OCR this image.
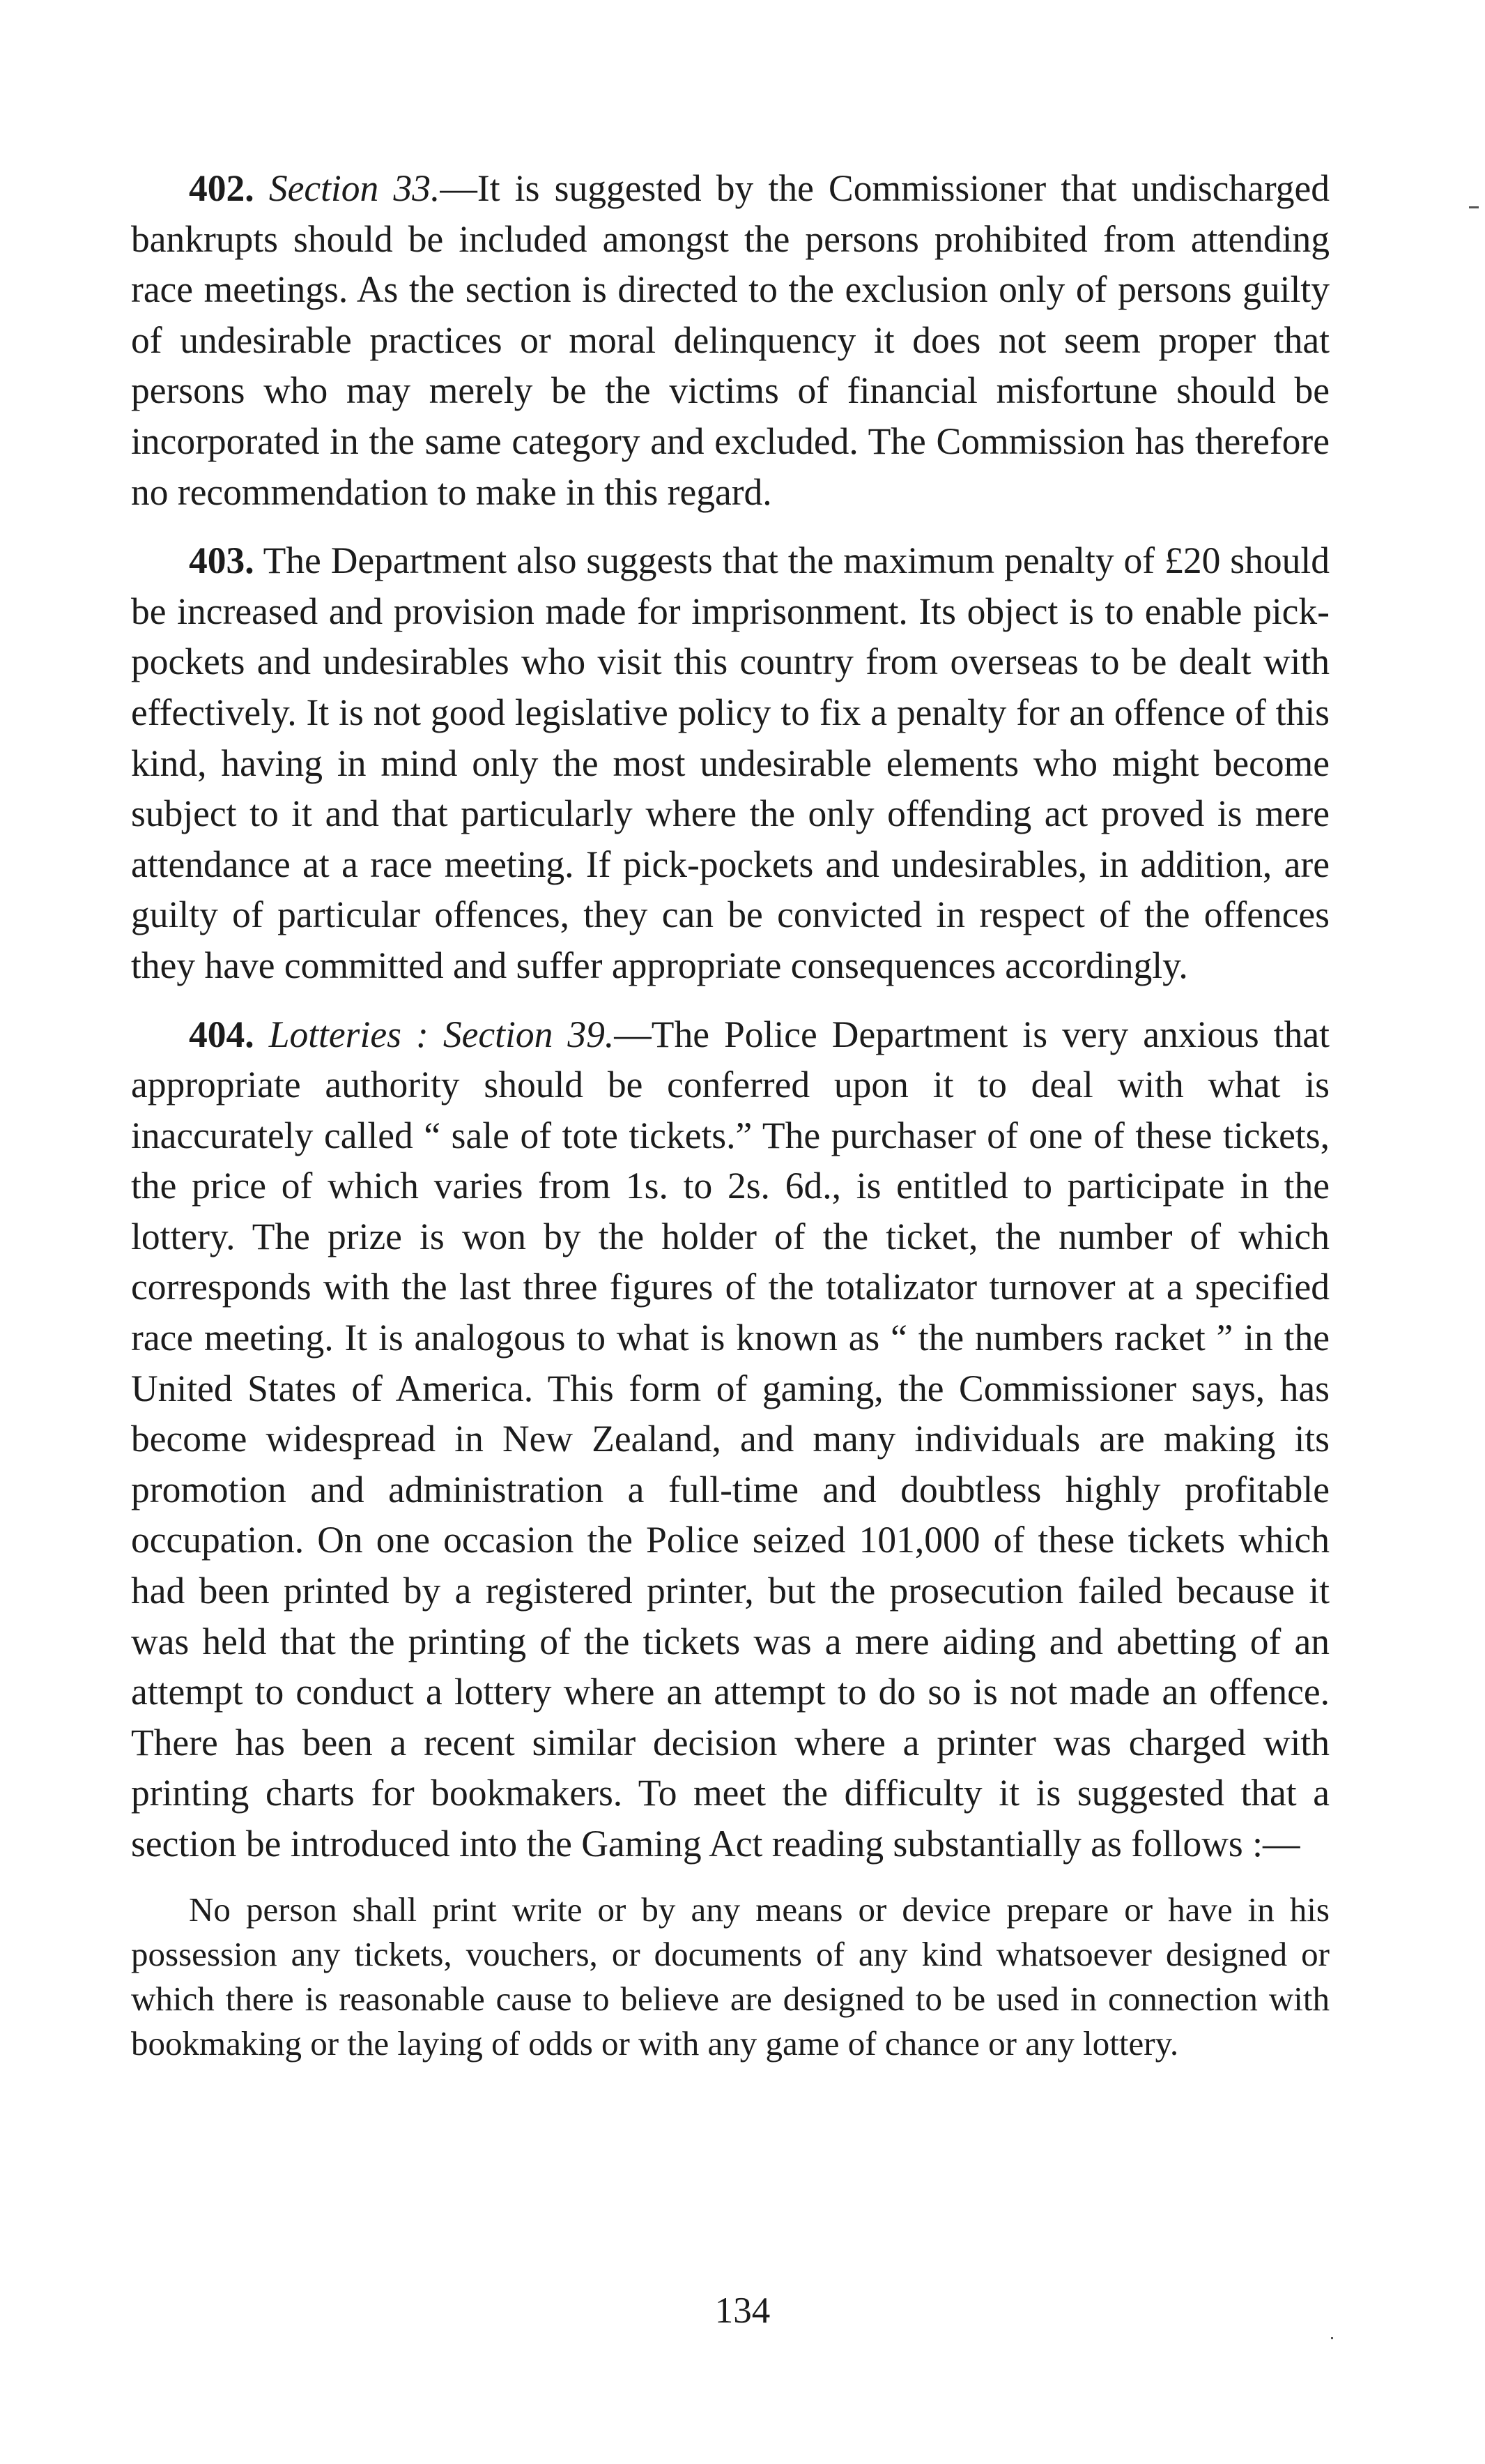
402. Section 33.—It is suggested by the Commissioner that undischarged bankrupts should be included amongst the persons prohibited from attending race meetings. As the section is directed to the exclusion only of persons guilty of undesirable practices or moral delinquency it does not seem proper that persons who may merely be the victims of financial misfortune should be incorporated in the same category and excluded. The Commission has therefore no recommendation to make in this regard.

403. The Department also suggests that the maximum penalty of £20 should be increased and provision made for imprisonment. Its object is to enable pick-pockets and undesirables who visit this country from overseas to be dealt with effectively. It is not good legislative policy to fix a penalty for an offence of this kind, having in mind only the most undesirable elements who might become subject to it and that particularly where the only offending act proved is mere attendance at a race meeting. If pick-pockets and undesirables, in addition, are guilty of particular offences, they can be convicted in respect of the offences they have committed and suffer appropriate consequences accordingly.

404. Lotteries : Section 39.—The Police Department is very anxious that appropriate authority should be conferred upon it to deal with what is inaccurately called “ sale of tote tickets.” The purchaser of one of these tickets, the price of which varies from 1s. to 2s. 6d., is entitled to participate in the lottery. The prize is won by the holder of the ticket, the number of which corresponds with the last three figures of the totalizator turnover at a specified race meeting. It is analogous to what is known as “ the numbers racket ” in the United States of America. This form of gaming, the Commissioner says, has become widespread in New Zealand, and many individuals are making its promotion and administration a full-time and doubtless highly profitable occupation. On one occasion the Police seized 101,000 of these tickets which had been printed by a registered printer, but the prosecution failed because it was held that the printing of the tickets was a mere aiding and abetting of an attempt to conduct a lottery where an attempt to do so is not made an offence. There has been a recent similar decision where a printer was charged with printing charts for bookmakers. To meet the difficulty it is suggested that a section be introduced into the Gaming Act reading substantially as follows :—

No person shall print write or by any means or device prepare or have in his possession any tickets, vouchers, or documents of any kind whatsoever designed or which there is reasonable cause to believe are designed to be used in connection with bookmaking or the laying of odds or with any game of chance or any lottery.

134
